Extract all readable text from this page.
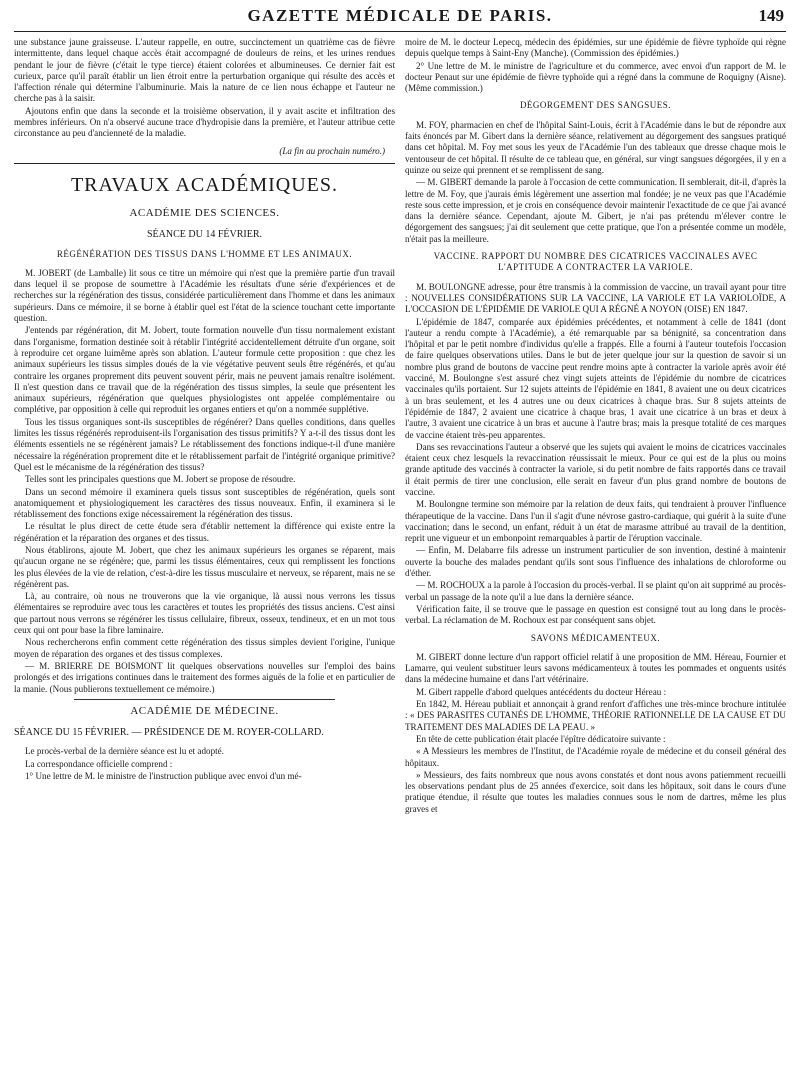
GAZETTE MÉDICALE DE PARIS.	149

une substance jaune graisseuse. L'auteur rappelle, en outre, succinctement un quatrième cas de fièvre intermittente, dans lequel chaque accès était accompagné de douleurs de reins, et les urines rendues pendant le jour de fièvre (c'était le type tierce) étaient colorées et albumineuses. Ce dernier fait est curieux, parce qu'il paraît établir un lien étroit entre la perturbation organique qui résulte des accès et l'affection rénale qui détermine l'albuminurie. Mais la nature de ce lien nous échappe et l'auteur ne cherche pas à la saisir.

Ajoutons enfin que dans la seconde et la troisième observation, il y avait ascite et infiltration des membres inférieurs. On n'a observé aucune trace d'hydropisie dans la première, et l'auteur attribue cette circonstance au peu d'ancienneté de la maladie.

(La fin au prochain numéro.)
TRAVAUX ACADÉMIQUES.
ACADÉMIE DES SCIENCES.
SÉANCE DU 14 FÉVRIER.
RÉGÉNÉRATION DES TISSUS DANS L'HOMME ET LES ANIMAUX.

M. JOBERT (de Lamballe) lit sous ce titre un mémoire qui n'est que la première partie d'un travail dans lequel il se propose de soumettre à l'Académie les résultats d'une série d'expériences et de recherches sur la régénération des tissus, considérée particulièrement dans l'homme et dans les animaux supérieurs. Dans ce mémoire, il se borne à établir quel est l'état de la science touchant cette importante question.

J'entends par régénération, dit M. Jobert, toute formation nouvelle d'un tissu normalement existant dans l'organisme, formation destinée soit à rétablir l'intégrité accidentellement détruite d'un organe, soit à reproduire cet organe luimême après son ablation. L'auteur formule cette proposition : que chez les animaux supérieurs les tissus simples doués de la vie végétative peuvent seuls être régénérés, et qu'au contraire les organes proprement dits peuvent souvent périr, mais ne peuvent jamais renaître isolément. Il n'est question dans ce travail que de la régénération des tissus simples, la seule que présentent les animaux supérieurs, régénération que quelques physiologistes ont appelée complémentaire ou complétive, par opposition à celle qui reproduit les organes entiers et qu'on a nommée supplétive.

Tous les tissus organiques sont-ils susceptibles de régénérer? Dans quelles conditions, dans quelles limites les tissus régénérés reproduisent-ils l'organisation des tissus primitifs? Y a-t-il des tissus dont les éléments essentiels ne se régénèrent jamais? Le rétablissement des fonctions indique-t-il d'une manière nécessaire la régénération proprement dite et le rétablissement parfait de l'intégrité organique primitive? Quel est le mécanisme de la régénération des tissus?

Telles sont les principales questions que M. Jobert se propose de résoudre.

Dans un second mémoire il examinera quels tissus sont susceptibles de régénération, quels sont anatomiquement et physiologiquement les caractères des tissus nouveaux. Enfin, il examinera si le rétablissement des fonctions exige nécessairement la régénération des tissus.

Le résultat le plus direct de cette étude sera d'établir nettement la différence qui existe entre la régénération et la réparation des organes et des tissus.

Nous établirons, ajoute M. Jobert, que chez les animaux supérieurs les organes se réparent, mais qu'aucun organe ne se régénère; que, parmi les tissus élémentaires, ceux qui remplissent les fonctions les plus élevées de la vie de relation, c'est-à-dire les tissus musculaire et nerveux, se réparent, mais ne se régénèrent pas.

Là, au contraire, où nous ne trouverons que la vie organique, là aussi nous verrons les tissus élémentaires se reproduire avec tous les caractères et toutes les propriétés des tissus anciens. C'est ainsi que partout nous verrons se régénérer les tissus cellulaire, fibreux, osseux, tendineux, et en un mot tous ceux qui ont pour base la fibre laminaire.

Nous rechercherons enfin comment cette régénération des tissus simples devient l'origine, l'unique moyen de réparation des organes et des tissus complexes.

— M. BRIERRE DE BOISMONT lit quelques observations nouvelles sur l'emploi des bains prolongés et des irrigations continues dans le traitement des formes aiguës de la folie et en particulier de la manie. (Nous publierons textuellement ce mémoire.)

ACADÉMIE DE MÉDECINE.
SÉANCE DU 15 FÉVRIER. — PRÉSIDENCE DE M. ROYER-COLLARD.

Le procès-verbal de la dernière séance est lu et adopté.

La correspondance officielle comprend :

1° Une lettre de M. le ministre de l'instruction publique avec envoi d'un mé-

moire de M. le docteur Lepecq, médecin des épidémies, sur une épidémie de fièvre typhoïde qui règne depuis quelque temps à Saint-Eny (Manche). (Commission des épidémies.)

2° Une lettre de M. le ministre de l'agriculture et du commerce, avec envoi d'un rapport de M. le docteur Penaut sur une épidémie de fièvre typhoïde qui a régné dans la commune de Roquigny (Aisne). (Même commission.)

DÉGORGEMENT DES SANGSUES.

M. FOY, pharmacien en chef de l'hôpital Saint-Louis, écrit à l'Académie dans le but de répondre aux faits énoncés par M. Gibert dans la dernière séance, relativement au dégorgement des sangsues pratiqué dans cet hôpital. M. Foy met sous les yeux de l'Académie l'un des tableaux que dresse chaque mois le ventouseur de cet hôpital. Il résulte de ce tableau que, en général, sur vingt sangsues dégorgées, il y en a quinze ou seize qui prennent et se remplissent de sang.

— M. GIBERT demande la parole à l'occasion de cette communication. Il semblerait, dit-il, d'après la lettre de M. Foy, que j'aurais émis légèrement une assertion mal fondée; je ne veux pas que l'Académie reste sous cette impression, et je crois en conséquence devoir maintenir l'exactitude de ce que j'ai avancé dans la dernière séance. Cependant, ajoute M. Gibert, je n'ai pas prétendu m'élever contre le dégorgement des sangsues; j'ai dit seulement que cette pratique, que l'on a présentée comme un modèle, n'était pas la meilleure.

VACCINE. RAPPORT DU NOMBRE DES CICATRICES VACCINALES AVEC L'APTITUDE A CONTRACTER LA VARIOLE.

M. BOULONGNE adresse, pour être transmis à la commission de vaccine, un travail ayant pour titre : NOUVELLES CONSIDÉRATIONS SUR LA VACCINE, LA VARIOLE ET LA VARIOLOÏDE, A L'OCCASION DE L'ÉPIDÉMIE DE VARIOLE QUI A RÉGNÉ A NOYON (OISE) EN 1847.

L'épidémie de 1847, comparée aux épidémies précédentes, et notamment à celle de 1841 (dont l'auteur a rendu compte à l'Académie), a été remarquable par sa bénignité, sa concentration dans l'hôpital et par le petit nombre d'individus qu'elle a frappés. Elle a fourni à l'auteur toutefois l'occasion de faire quelques observations utiles. Dans le but de jeter quelque jour sur la question de savoir si un nombre plus grand de boutons de vaccine peut rendre moins apte à contracter la variole après avoir été vacciné, M. Boulongne s'est assuré chez vingt sujets atteints de l'épidémie du nombre de cicatrices vaccinales qu'ils portaient. Sur 12 sujets atteints de l'épidémie en 1841, 8 avaient une ou deux cicatrices à un bras seulement, et les 4 autres une ou deux cicatrices à chaque bras. Sur 8 sujets atteints de l'épidémie de 1847, 2 avaient une cicatrice à chaque bras, 1 avait une cicatrice à un bras et deux à l'autre, 3 avaient une cicatrice à un bras et aucune à l'autre bras; mais la presque totalité de ces marques de vaccine étaient très-peu apparentes.

Dans ses revaccinations l'auteur a observé que les sujets qui avaient le moins de cicatrices vaccinales étaient ceux chez lesquels la revaccination réussissait le mieux. Pour ce qui est de la plus ou moins grande aptitude des vaccinés à contracter la variole, si du petit nombre de faits rapportés dans ce travail il était permis de tirer une conclusion, elle serait en faveur d'un plus grand nombre de boutons de vaccine.

M. Boulongne termine son mémoire par la relation de deux faits, qui tendraient à prouver l'influence thérapeutique de la vaccine. Dans l'un il s'agit d'une névrose gastro-cardiaque, qui guérit à la suite d'une vaccination; dans le second, un enfant, réduit à un état de marasme attribué au travail de la dentition, reprit une vigueur et un embonpoint remarquables à partir de l'éruption vaccinale.

— Enfin, M. Delabarre fils adresse un instrument particulier de son invention, destiné à maintenir ouverte la bouche des malades pendant qu'ils sont sous l'influence des inhalations de chloroforme ou d'éther.

— M. ROCHOUX a la parole à l'occasion du procès-verbal. Il se plaint qu'on ait supprimé au procès-verbal un passage de la note qu'il a lue dans la dernière séance.

Vérification faite, il se trouve que le passage en question est consigné tout au long dans le procès-verbal. La réclamation de M. Rochoux est par conséquent sans objet.

SAVONS MÉDICAMENTEUX.

M. GIBERT donne lecture d'un rapport officiel relatif à une proposition de MM. Héreau, Fournier et Lamarre, qui veulent substituer leurs savons médicamenteux à toutes les pommades et onguents usités dans la médecine humaine et dans l'art vétérinaire.

M. Gibert rappelle d'abord quelques antécédents du docteur Héreau :

En 1842, M. Héreau publiait et annonçait à grand renfort d'affiches une très-mince brochure intitulée : « DES PARASITES CUTANÉS DE L'HOMME, THÉORIE RATIONNELLE DE LA CAUSE ET DU TRAITEMENT DES MALADIES DE LA PEAU. »

En tête de cette publication était placée l'épître dédicatoire suivante :

« A Messieurs les membres de l'Institut, de l'Académie royale de médecine et du conseil général des hôpitaux.

» Messieurs, des faits nombreux que nous avons constatés et dont nous avons patiemment recueilli les observations pendant plus de 25 années d'exercice, soit dans les hôpitaux, soit dans le cours d'une pratique étendue, il résulte que toutes les maladies connues sous le nom de dartres, même les plus graves et
